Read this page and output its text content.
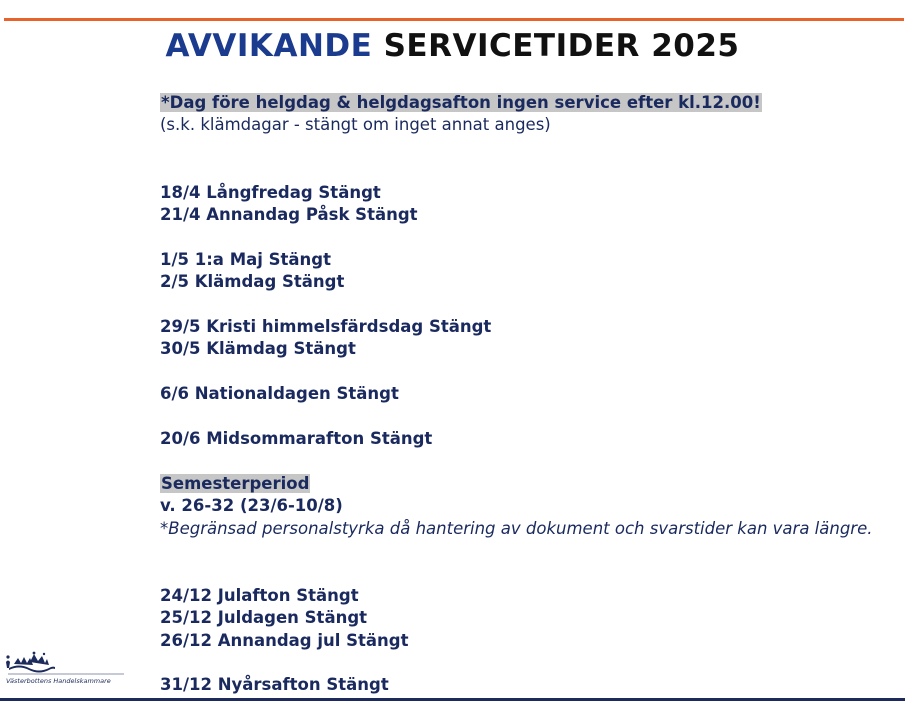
AVVIKANDE SERVICETIDER 2025
*Dag före helgdag & helgdagsafton ingen service efter kl.12.00!
(s.k. klämdagar - stängt om inget annat anges)
18/4 Långfredag Stängt
21/4 Annandag Påsk Stängt
1/5 1:a Maj Stängt
2/5 Klämdag Stängt
29/5 Kristi himmelsfärdsdag Stängt
30/5 Klämdag Stängt
6/6 Nationaldagen Stängt
20/6 Midsommarafton Stängt
Semesterperiod
v. 26-32 (23/6-10/8)
*Begränsad personalstyrka då hantering av dokument och svarstider kan vara längre.
24/12 Julafton Stängt
25/12 Juldagen Stängt
26/12 Annandag jul Stängt
31/12 Nyårsafton Stängt
Västerbottens Handelskammare
